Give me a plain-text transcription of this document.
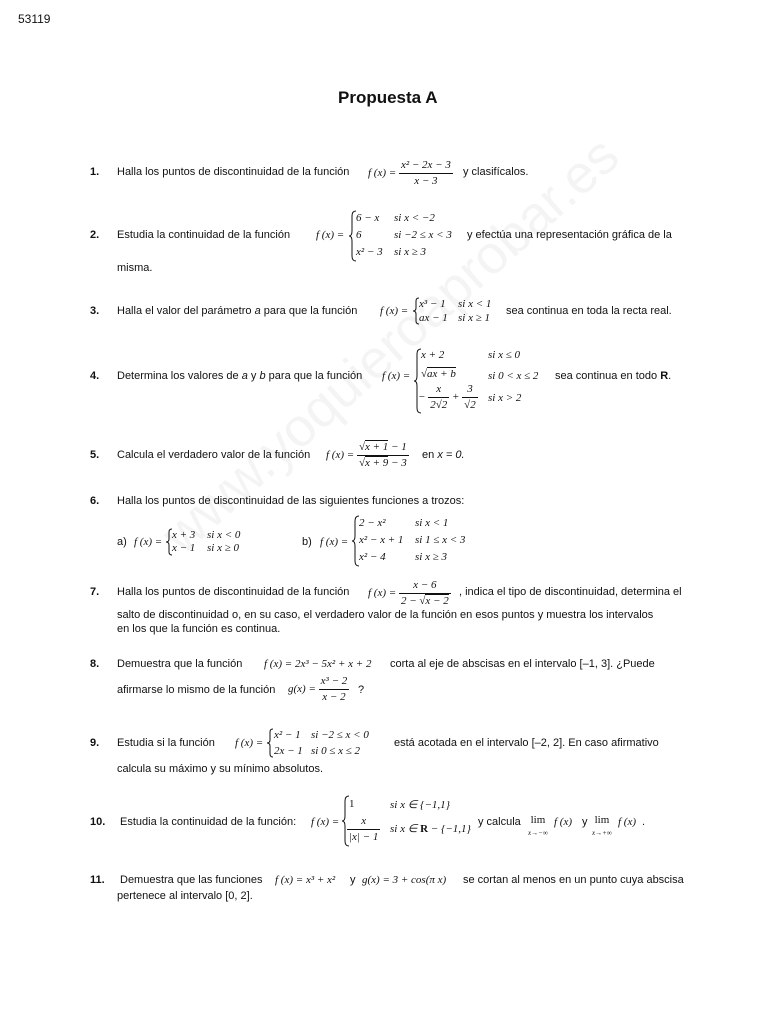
53119
Propuesta A
1. Halla los puntos de discontinuidad de la función f $(x) = \frac{\text{x² − 2x − 3}}{x - 3}$ y clasifícalos.
2. Estudia la continuidad de la función f (x) =
6 − x si x < −2
6	si −2 ≤ x < 3
x² − 3 si x ≥ 3
y efectúa una representación gráfica de la
misma.
3. Halla el valor del parámetro a para que la función f (x) =
x³ − 1 si x < 1
ax − 1 si x ≥ 1
sea continua en toda la recta real.
4. Determina los valores de a y b para que la función f (x) =
x + 2	si x ≤ 0
√ax + b	si 0 < x ≤ 2
− $\frac{x}{2√2} + \frac{3}{√2}$ si x > 2
sea continua en todo R.
5. Calcula el verdadero valor de la función f $(x) = \frac{√x + 1 - 1}{√x + 9 - 3}$ en x = 0.
6. Halla los puntos de discontinuidad de las siguientes funciones a trozos:
a) f (x) =
x + 3 si x < 0
x − 1 si x ≥ 0	b) f (x) =
2 − x²	si x < 1
x² − x + 1 si 1 ≤ x < 3
x² − 4	si x ≥ 3
7. Halla los puntos de discontinuidad de la función f $(x) = \frac{x - 6}{2 - √x - 2}$ , indica el tipo de discontinuidad, determina el
salto de discontinuidad o, en su caso, el verdadero valor de la función en esos puntos y muestra los intervalos
en los que la función es continua.
8. Demuestra que la función f (x) = 2x³ − 5x² + x + 2 corta al eje de abscisas en el intervalo [–1, 3]. ¿Puede
afirmarse lo mismo de la función $g(x) = \frac{\text{x³ − 2}}{x - 2}$ ?
9. Estudia si la función f (x) =
x² − 1 si −2 ≤ x < 0
2x − 1 si 0 ≤ x ≤ 2
está acotada en el intervalo [–2, 2]. En caso afirmativo
calcula su máximo y su mínimo absolutos.
10. Estudia la continuidad de la función: f (x) =
1	si x ∈ {−1,1}
$\frac{x}{|x| - 1}$ si x ∈ R − {−1,1}
y calcula lim
x→−∞
f (x) y lim
x→+∞
f (x) .
11. Demuestra que las funciones f (x) = x³ + x² y g(x) = 3 + cos(π x) se cortan al menos en un punto cuya abscisa
pertenece al intervalo [0, 2].
